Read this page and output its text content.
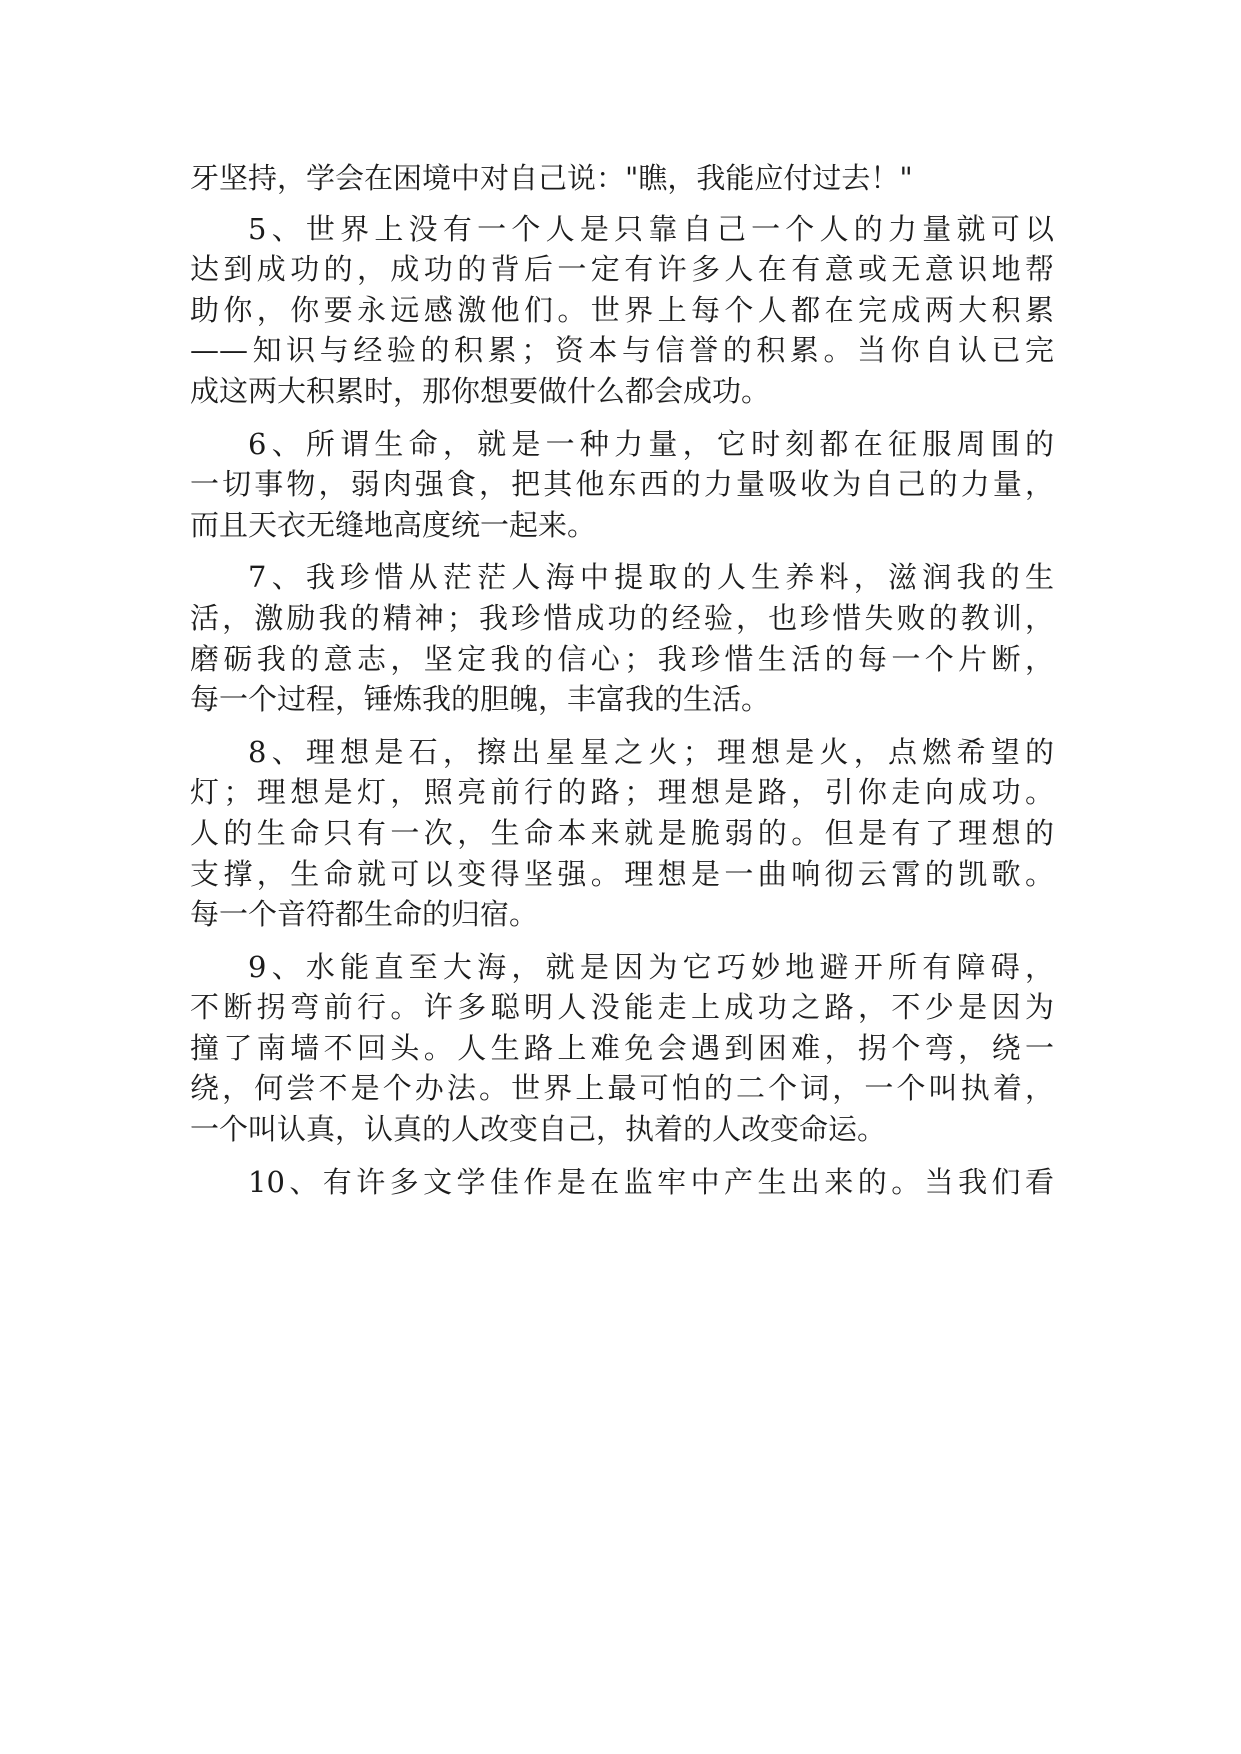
牙坚持，学会在困境中对自己说："瞧，我能应付过去！"
5、世界上没有一个人是只靠自己一个人的力量就可以
达到成功的，成功的背后一定有许多人在有意或无意识地帮
助你，你要永远感激他们。世界上每个人都在完成两大积累
——知识与经验的积累；资本与信誉的积累。当你自认已完
成这两大积累时，那你想要做什么都会成功。
6、所谓生命，就是一种力量，它时刻都在征服周围的
一切事物，弱肉强食，把其他东西的力量吸收为自己的力量，
而且天衣无缝地高度统一起来。
7、我珍惜从茫茫人海中提取的人生养料，滋润我的生
活，激励我的精神；我珍惜成功的经验，也珍惜失败的教训，
磨砺我的意志，坚定我的信心；我珍惜生活的每一个片断，
每一个过程，锤炼我的胆魄，丰富我的生活。
8、理想是石，擦出星星之火；理想是火，点燃希望的
灯；理想是灯，照亮前行的路；理想是路，引你走向成功。
人的生命只有一次，生命本来就是脆弱的。但是有了理想的
支撑，生命就可以变得坚强。理想是一曲响彻云霄的凯歌。
每一个音符都生命的归宿。
9、水能直至大海，就是因为它巧妙地避开所有障碍，
不断拐弯前行。许多聪明人没能走上成功之路，不少是因为
撞了南墙不回头。人生路上难免会遇到困难，拐个弯，绕一
绕，何尝不是个办法。世界上最可怕的二个词，一个叫执着，
一个叫认真，认真的人改变自己，执着的人改变命运。
10、有许多文学佳作是在监牢中产生出来的。当我们看
